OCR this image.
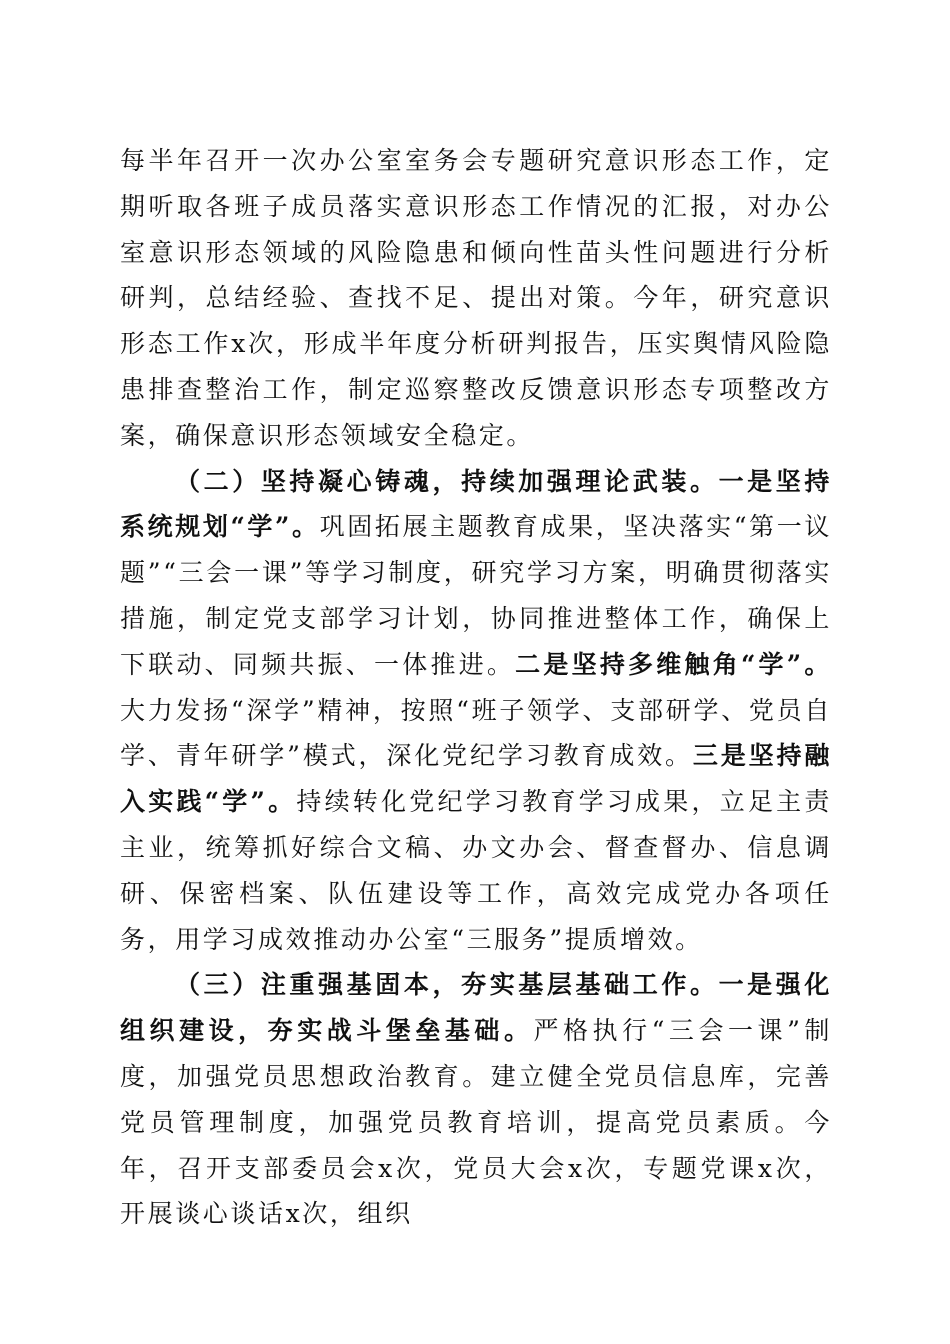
每半年召开一次办公室室务会专题研究意识形态工作，定期听取各班子成员落实意识形态工作情况的汇报，对办公室意识形态领域的风险隐患和倾向性苗头性问题进行分析研判，总结经验、查找不足、提出对策。今年，研究意识形态工作x次，形成半年度分析研判报告，压实舆情风险隐患排查整治工作，制定巡察整改反馈意识形态专项整改方案，确保意识形态领域安全稳定。

（二）坚持凝心铸魂，持续加强理论武装。一是坚持系统规划“学”。巩固拓展主题教育成果，坚决落实“第一议题”“三会一课”等学习制度，研究学习方案，明确贯彻落实措施，制定党支部学习计划，协同推进整体工作，确保上下联动、同频共振、一体推进。二是坚持多维触角“学”。大力发扬“深学”精神，按照“班子领学、支部研学、党员自学、青年研学”模式，深化党纪学习教育成效。三是坚持融入实践“学”。持续转化党纪学习教育学习成果，立足主责主业，统筹抓好综合文稿、办文办会、督查督办、信息调研、保密档案、队伍建设等工作，高效完成党办各项任务，用学习成效推动办公室“三服务”提质增效。

（三）注重强基固本，夯实基层基础工作。一是强化组织建设，夯实战斗堡垒基础。严格执行“三会一课”制度，加强党员思想政治教育。建立健全党员信息库，完善党员管理制度，加强党员教育培训，提高党员素质。今年，召开支部委员会x次，党员大会x次，专题党课x次，开展谈心谈话x次，组织
